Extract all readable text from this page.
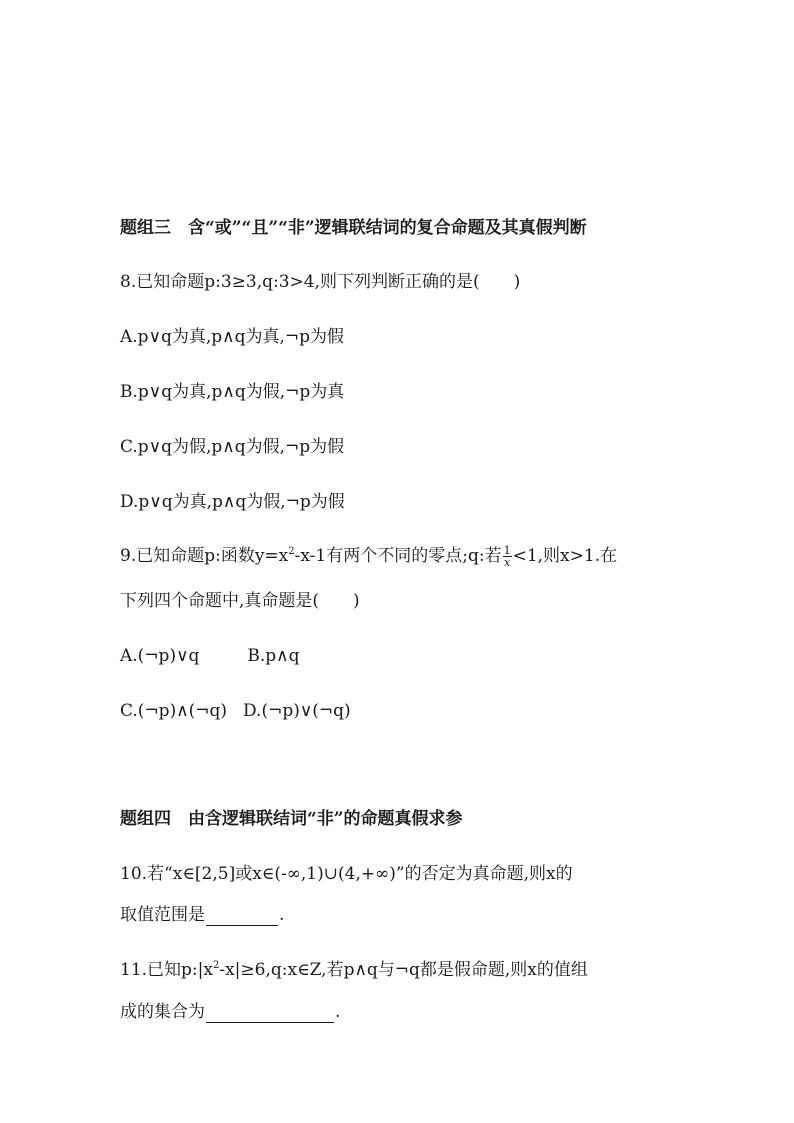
题组三　含“或”“且”“非”逻辑联结词的复合命题及其真假判断
8.已知命题p:3≥3,q:3>4,则下列判断正确的是(　　)
A.p∨q为真,p∧q为真,¬p为假
B.p∨q为真,p∧q为假,¬p为真
C.p∨q为假,p∧q为假,¬p为假
D.p∨q为真,p∧q为假,¬p为假
9.已知命题p:函数$y=x^2-x-1$有两个不同的零点;q:若 $\frac{1}{x} <1$,则x>1.在
下列四个命题中,真命题是(　　)
A.(¬p)∨q	B.p∧q
C.(¬p)∧(¬q) D.(¬p)∨(¬q)
题组四　由含逻辑联结词“非”的命题真假求参
10.若“x∈[2,5]或x∈(-∞,1)∪(4,+∞)”的否定为真命题,则x的
取值范围是	.
11.已知$p:|x^2-x|\ge 6,q:x\in Z$,若p∧q与¬q都是假命题,则x的值组
成的集合为	.
